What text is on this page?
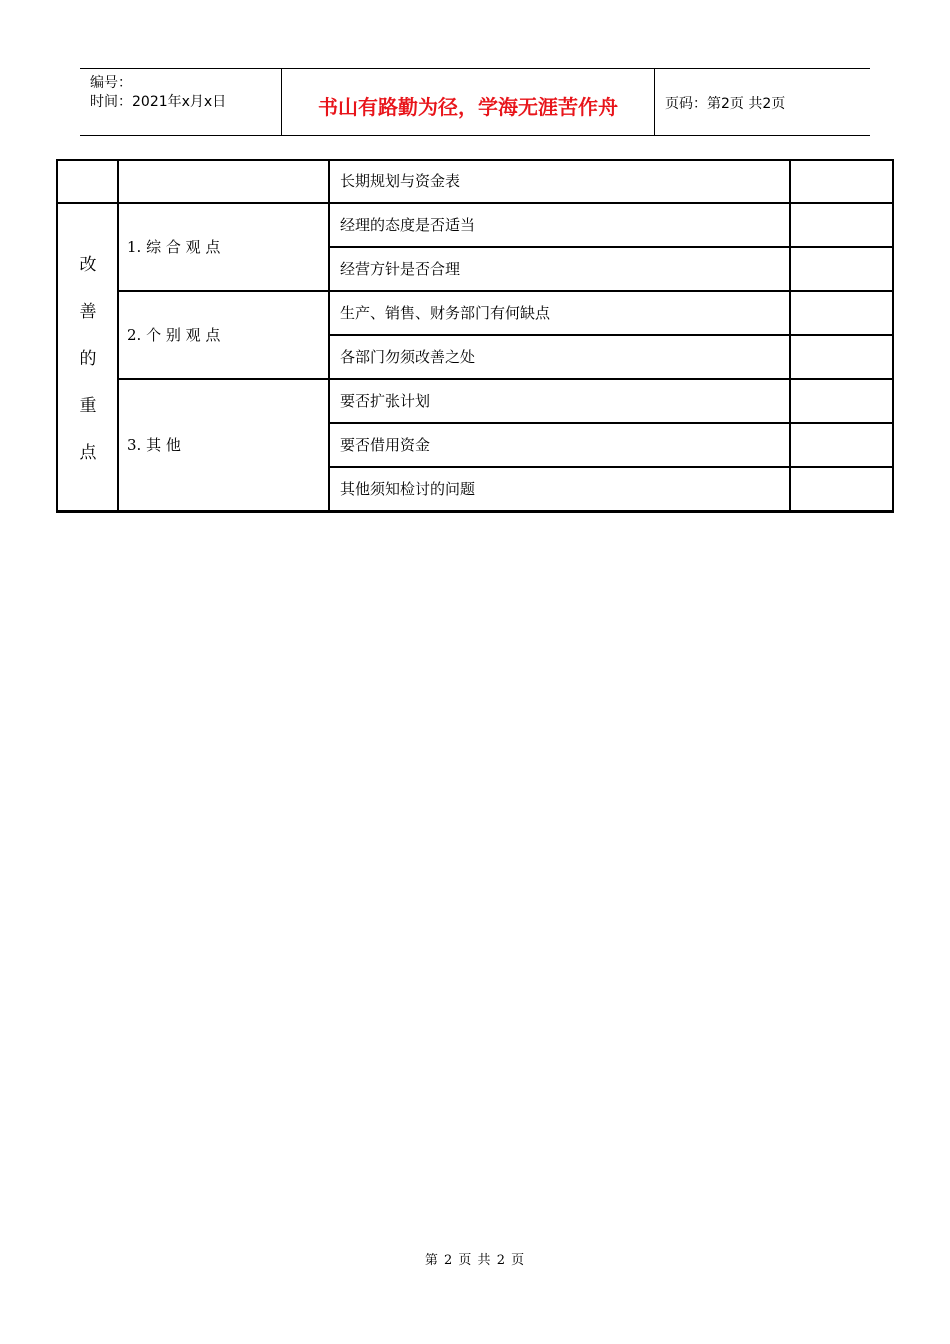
编号：
时间：2021年x月x日	书山有路勤为径，学海无涯苦作舟	页码：第2页 共2页
长期规划与资金表
改
善
的
重
点
1. 综 合 观 点
2. 个 别 观 点
3. 其 他
经理的态度是否适当
经营方针是否合理
生产、销售、财务部门有何缺点
各部门勿须改善之处
要否扩张计划
要否借用资金
其他须知检讨的问题
第 2 页 共 2 页
